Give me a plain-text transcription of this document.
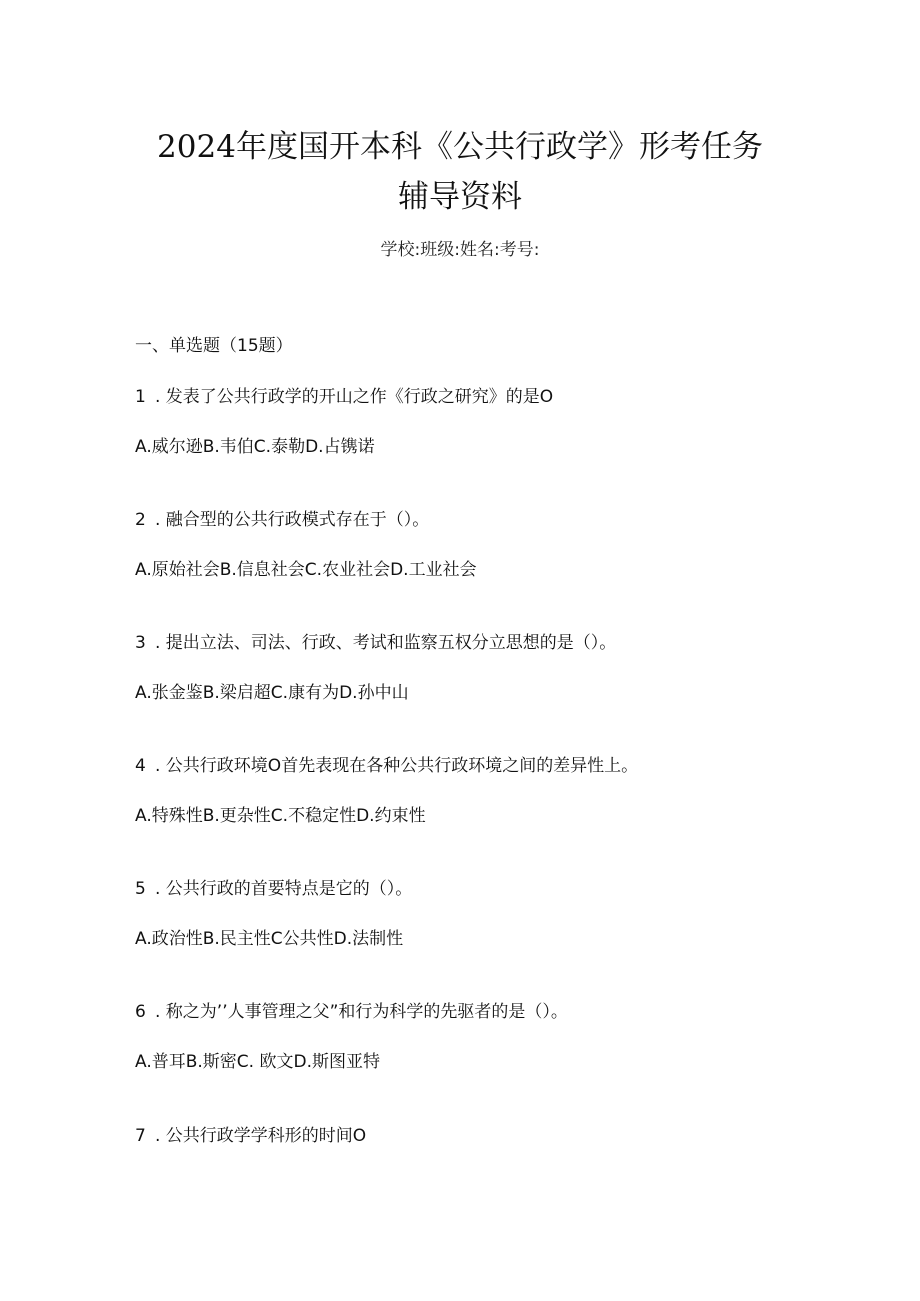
2024年度国开本科《公共行政学》形考任务
辅导资料
学校:班级:姓名:考号:
一、单选题（15题）
1 . 发表了公共行政学的开山之作《行政之研究》的是O
A.威尔逊B.韦伯C.泰勒D.占镌诺
2 . 融合型的公共行政模式存在于（）。
A.原始社会B.信息社会C.农业社会D.工业社会
3 . 提出立法、司法、行政、考试和监察五权分立思想的是（）。
A.张金鉴B.梁启超C.康有为D.孙中山
4 . 公共行政环境O首先表现在各种公共行政环境之间的差异性上。
A.特殊性B.更杂性C.不稳定性D.约束性
5 . 公共行政的首要特点是它的（）。
A.政治性B.民主性C公共性D.法制性
6 . 称之为’’人事管理之父”和行为科学的先驱者的是（）。
A.普耳B.斯密C. 欧文D.斯图亚特
7 . 公共行政学学科形的时间O
